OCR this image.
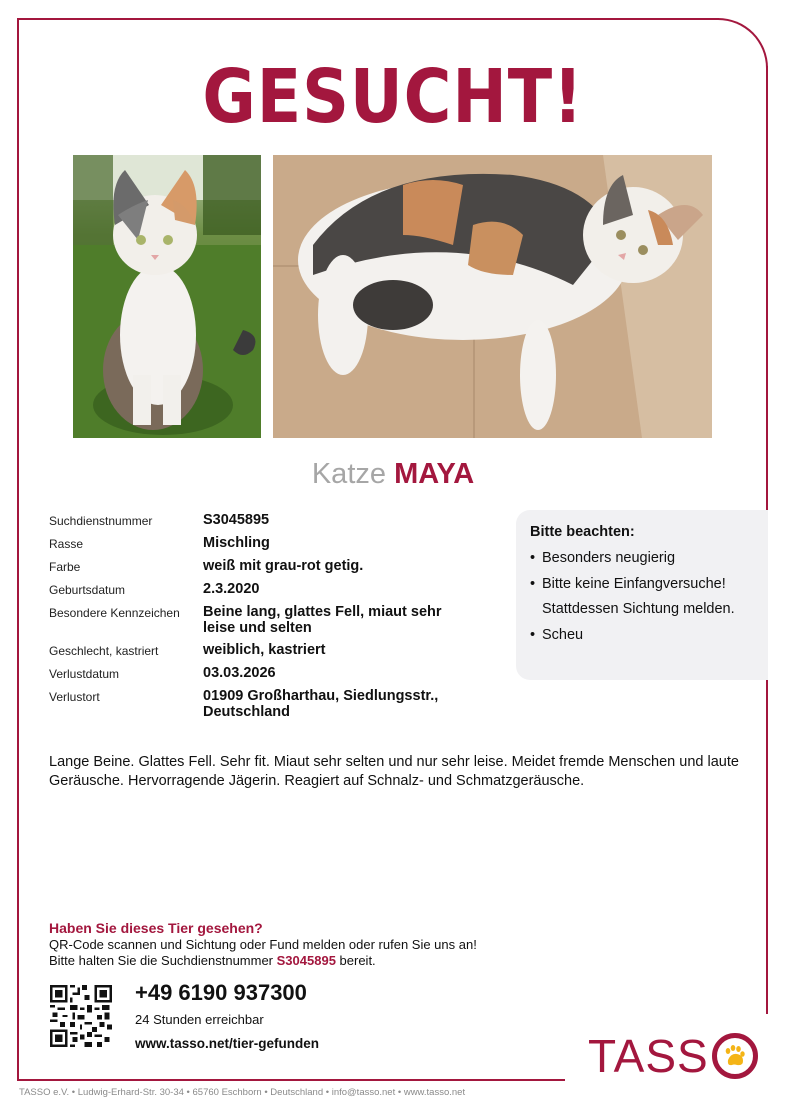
GESUCHT!
Katze MAYA
Suchdienstnummer	S3045895
Rasse	Mischling
Farbe	weiß mit grau-rot getig.
Geburtsdatum	2.3.2020
Besondere Kennzeichen	Beine lang, glattes Fell, miaut sehr leise und selten
Geschlecht, kastriert	weiblich, kastriert
Verlustdatum	03.03.2026
Verlustort	01909 Großharthau, Siedlungsstr., Deutschland
Bitte beachten:
• Besonders neugierig
• Bitte keine Einfangversuche! Stattdessen Sichtung melden.
• Scheu
Lange Beine. Glattes Fell. Sehr fit. Miaut sehr selten und nur sehr leise. Meidet fremde Menschen und laute Geräusche. Hervorragende Jägerin. Reagiert auf Schnalz- und Schmatzgeräusche.
Haben Sie dieses Tier gesehen?
QR-Code scannen und Sichtung oder Fund melden oder rufen Sie uns an!
Bitte halten Sie die Suchdienstnummer S3045895 bereit.
+49 6190 937300
24 Stunden erreichbar
www.tasso.net/tier-gefunden	TASS
TASSO e.V. • Ludwig-Erhard-Str. 30-34 • 65760 Eschborn • Deutschland • info@tasso.net • www.tasso.net
